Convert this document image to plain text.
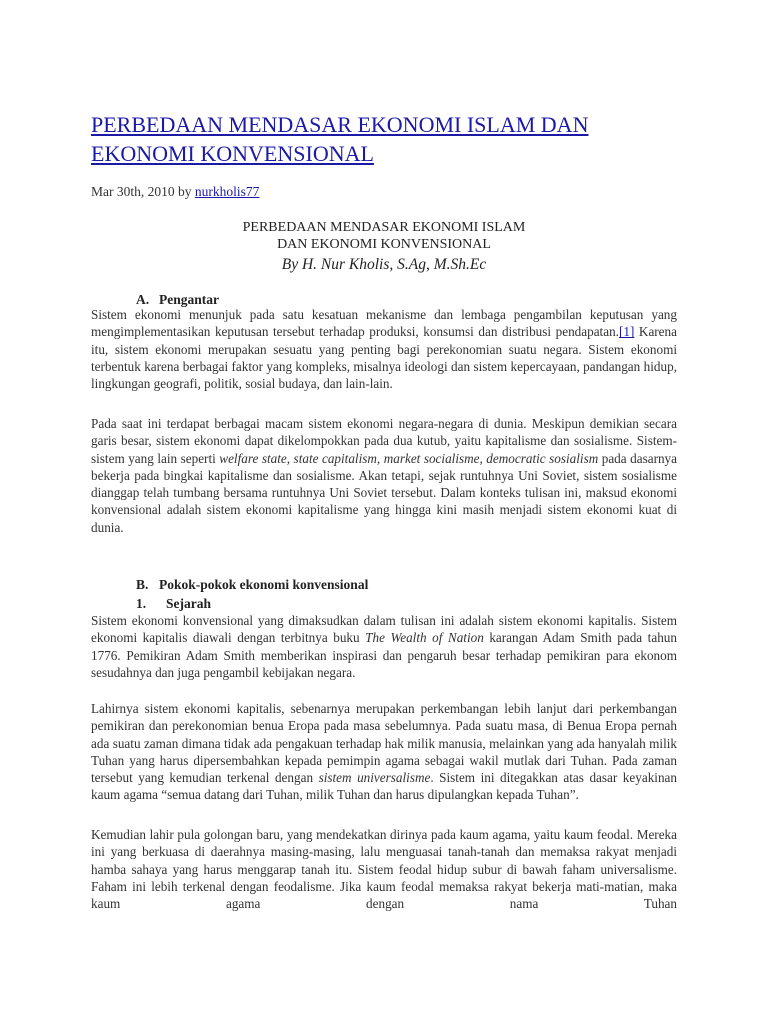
PERBEDAAN MENDASAR EKONOMI ISLAM DAN EKONOMI KONVENSIONAL
Mar 30th, 2010 by nurkholis77
PERBEDAAN MENDASAR EKONOMI ISLAM
DAN EKONOMI KONVENSIONAL
By H. Nur Kholis, S.Ag, M.Sh.Ec
A. Pengantar

Sistem ekonomi menunjuk pada satu kesatuan mekanisme dan lembaga pengambilan keputusan yang mengimplementasikan keputusan tersebut terhadap produksi, konsumsi dan distribusi pendapatan.[1] Karena itu, sistem ekonomi merupakan sesuatu yang penting bagi perekonomian suatu negara. Sistem ekonomi terbentuk karena berbagai faktor yang kompleks, misalnya ideologi dan sistem kepercayaan, pandangan hidup, lingkungan geografi, politik, sosial budaya, dan lain-lain.

Pada saat ini terdapat berbagai macam sistem ekonomi negara-negara di dunia. Meskipun demikian secara garis besar, sistem ekonomi dapat dikelompokkan pada dua kutub, yaitu kapitalisme dan sosialisme. Sistem-sistem yang lain seperti welfare state, state capitalism, market socialisme, democratic sosialism pada dasarnya bekerja pada bingkai kapitalisme dan sosialisme. Akan tetapi, sejak runtuhnya Uni Soviet, sistem sosialisme dianggap telah tumbang bersama runtuhnya Uni Soviet tersebut. Dalam konteks tulisan ini, maksud ekonomi konvensional adalah sistem ekonomi kapitalisme yang hingga kini masih menjadi sistem ekonomi kuat di dunia.

B. Pokok-pokok ekonomi konvensional
1. Sejarah

Sistem ekonomi konvensional yang dimaksudkan dalam tulisan ini adalah sistem ekonomi kapitalis. Sistem ekonomi kapitalis diawali dengan terbitnya buku The Wealth of Nation karangan Adam Smith pada tahun 1776. Pemikiran Adam Smith memberikan inspirasi dan pengaruh besar terhadap pemikiran para ekonom sesudahnya dan juga pengambil kebijakan negara.

Lahirnya sistem ekonomi kapitalis, sebenarnya merupakan perkembangan lebih lanjut dari perkembangan pemikiran dan perekonomian benua Eropa pada masa sebelumnya. Pada suatu masa, di Benua Eropa pernah ada suatu zaman dimana tidak ada pengakuan terhadap hak milik manusia, melainkan yang ada hanyalah milik Tuhan yang harus dipersembahkan kepada pemimpin agama sebagai wakil mutlak dari Tuhan. Pada zaman tersebut yang kemudian terkenal dengan sistem universalisme. Sistem ini ditegakkan atas dasar keyakinan kaum agama “semua datang dari Tuhan, milik Tuhan dan harus dipulangkan kepada Tuhan”.

Kemudian lahir pula golongan baru, yang mendekatkan dirinya pada kaum agama, yaitu kaum feodal. Mereka ini yang berkuasa di daerahnya masing-masing, lalu menguasai tanah-tanah dan memaksa rakyat menjadi hamba sahaya yang harus menggarap tanah itu. Sistem feodal hidup subur di bawah faham universalisme. Faham ini lebih terkenal dengan feodalisme. Jika kaum feodal memaksa rakyat bekerja mati-matian, maka kaum agama dengan nama Tuhan
